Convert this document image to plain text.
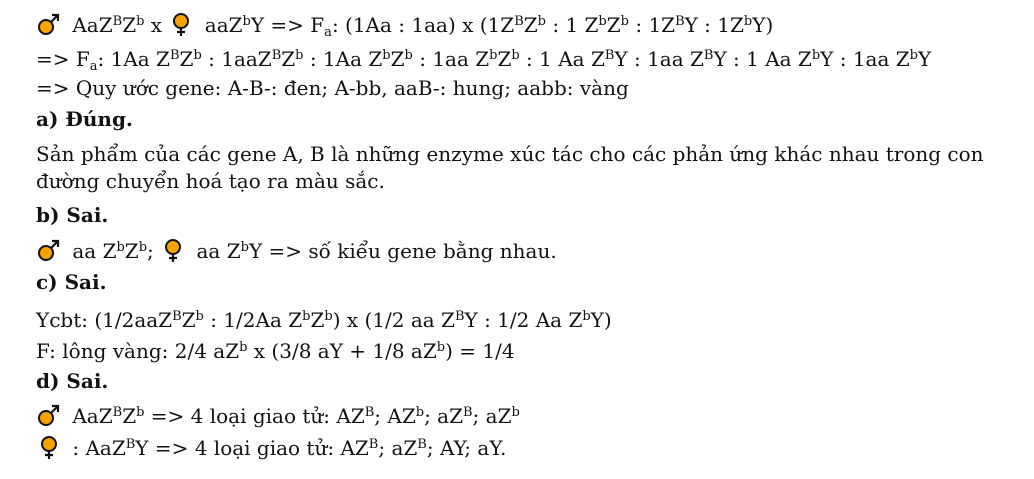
$AaZ^BZ^b$ x  $aaZ^bY => F_a$: (1Aa : 1aa) x ($1Z^BZ^b$ : 1 $Z^bZ^b$ : $1Z^BY$ : $1Z^bY$)
=> $F_a$: 1Aa $Z^BZ^b$ : $1aaZ^BZ^b$ : 1Aa $Z^bZ^b$ : 1aa $Z^bZ^b$ : 1 Aa $Z^BY$ : 1aa $Z^BY$ : 1 Aa $Z^bY$ : 1aa $Z^bY$
=> Quy ước gene: A-B-: đen; A-bb, aaB-: hung; aabb: vàng
a) Đúng.
Sản phẩm của các gene A, B là những enzyme xúc tác cho các phản ứng khác nhau trong con
đường chuyển hoá tạo ra màu sắc.
b) Sai.
aa $Z^bZ^b$;  aa $Z^bY$ => số kiểu gene bằng nhau.
c) Sai.
Ycbt: ($1/2aaZ^BZ^b$ : 1/2Aa $Z^bZ^b$) x (1/2 aa $Z^BY$ : 1/2 Aa $Z^bY$)
F: lông vàng: 2/4 $aZ^b$ x (3/8 aY + 1/8 $aZ^b) = 1/4$
d) Sai.
$AaZ^BZ^b => 4$ loại giao tử: $AZ^B$; $AZ^b$; $aZ^B$; $aZ^b$
: AaZ$^B$Y => 4 loại giao tử: $AZ^B$; $aZ^B$; AY; aY.
